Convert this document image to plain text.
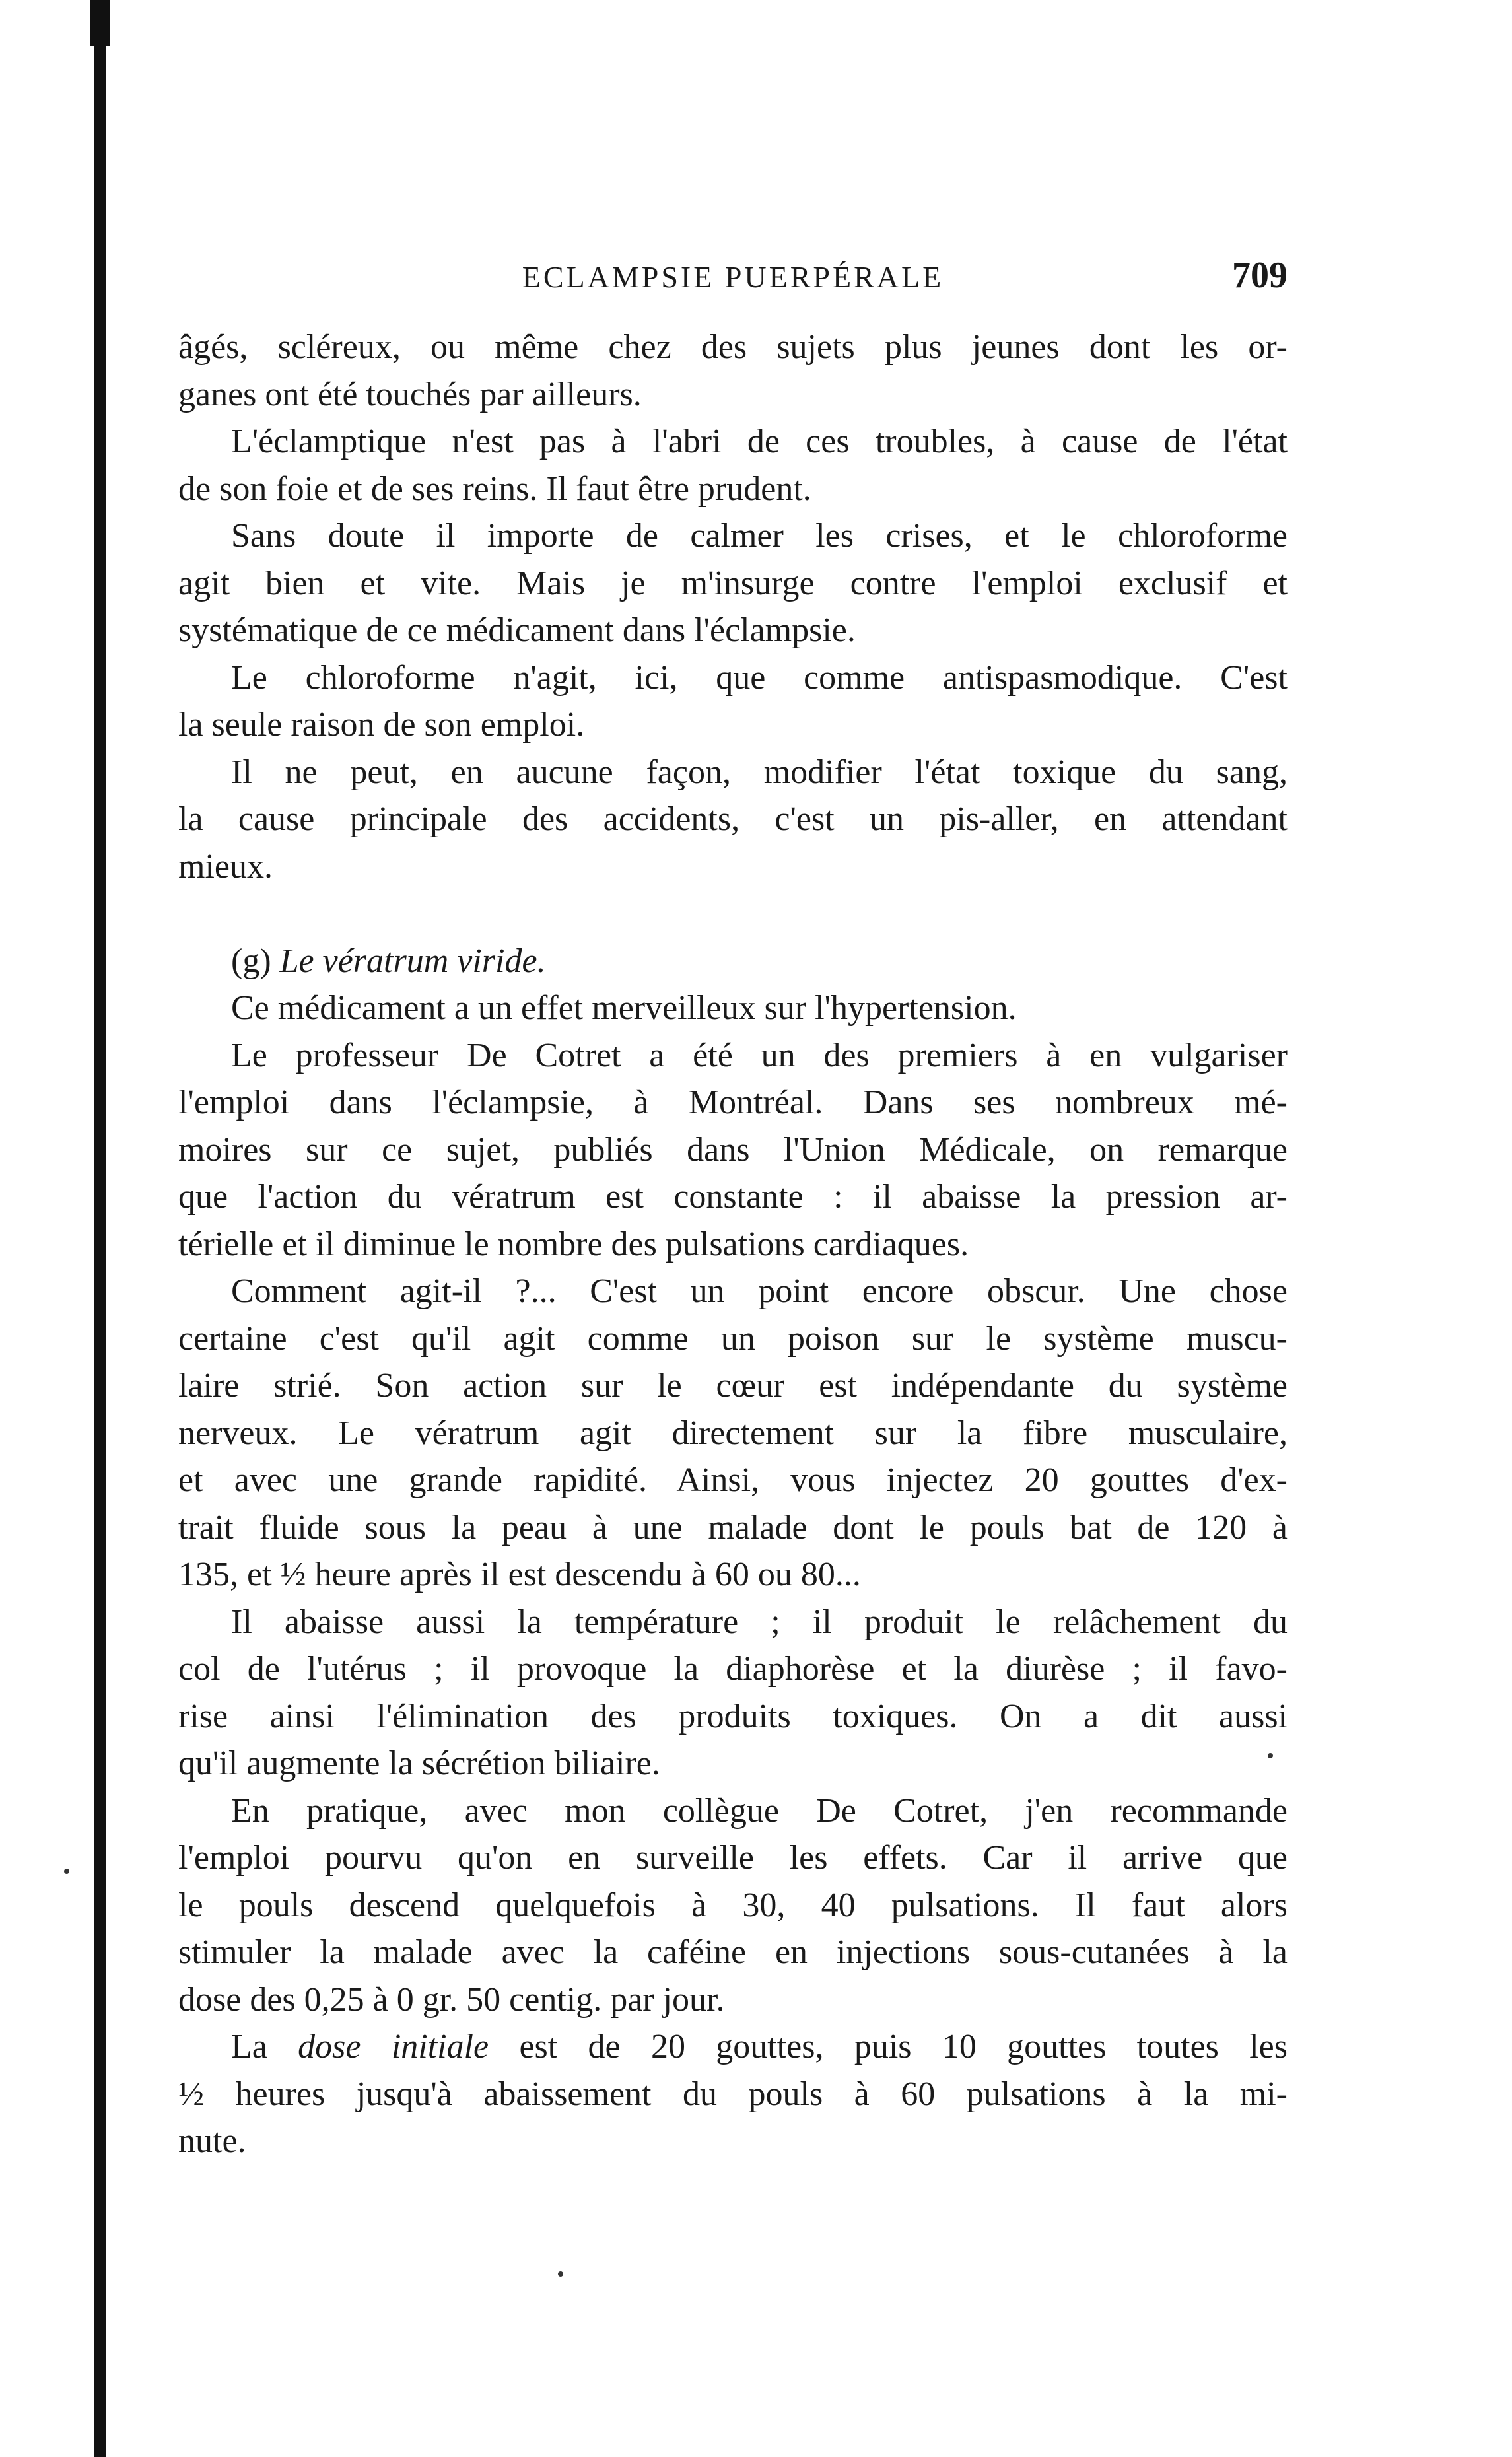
ECLAMPSIE PUERPÉRALE	709
âgés, scléreux, ou même chez des sujets plus jeunes dont les or-
ganes ont été touchés par ailleurs.
L'éclamptique n'est pas à l'abri de ces troubles, à cause de l'état
de son foie et de ses reins. Il faut être prudent.
Sans doute il importe de calmer les crises, et le chloroforme
agit bien et vite. Mais je m'insurge contre l'emploi exclusif et
systématique de ce médicament dans l'éclampsie.
Le chloroforme n'agit, ici, que comme antispasmodique. C'est
la seule raison de son emploi.
Il ne peut, en aucune façon, modifier l'état toxique du sang,
la cause principale des accidents, c'est un pis-aller, en attendant
mieux.
(g) Le vératrum viride.
Ce médicament a un effet merveilleux sur l'hypertension.
Le professeur De Cotret a été un des premiers à en vulgariser
l'emploi dans l'éclampsie, à Montréal. Dans ses nombreux mé-
moires sur ce sujet, publiés dans l'Union Médicale, on remarque
que l'action du vératrum est constante : il abaisse la pression ar-
térielle et il diminue le nombre des pulsations cardiaques.
Comment agit-il ?... C'est un point encore obscur. Une chose
certaine c'est qu'il agit comme un poison sur le système muscu-
laire strié. Son action sur le cœur est indépendante du système
nerveux. Le vératrum agit directement sur la fibre musculaire,
et avec une grande rapidité. Ainsi, vous injectez 20 gouttes d'ex-
trait fluide sous la peau à une malade dont le pouls bat de 120 à
135, et ½ heure après il est descendu à 60 ou 80...
Il abaisse aussi la température ; il produit le relâchement du
col de l'utérus ; il provoque la diaphorèse et la diurèse ; il favo-
rise ainsi l'élimination des produits toxiques. On a dit aussi
qu'il augmente la sécrétion biliaire.
En pratique, avec mon collègue De Cotret, j'en recommande
l'emploi pourvu qu'on en surveille les effets. Car il arrive que
le pouls descend quelquefois à 30, 40 pulsations. Il faut alors
stimuler la malade avec la caféine en injections sous-cutanées à la
dose des 0,25 à 0 gr. 50 centig. par jour.
La dose initiale est de 20 gouttes, puis 10 gouttes toutes les
½ heures jusqu'à abaissement du pouls à 60 pulsations à la mi-
nute.
